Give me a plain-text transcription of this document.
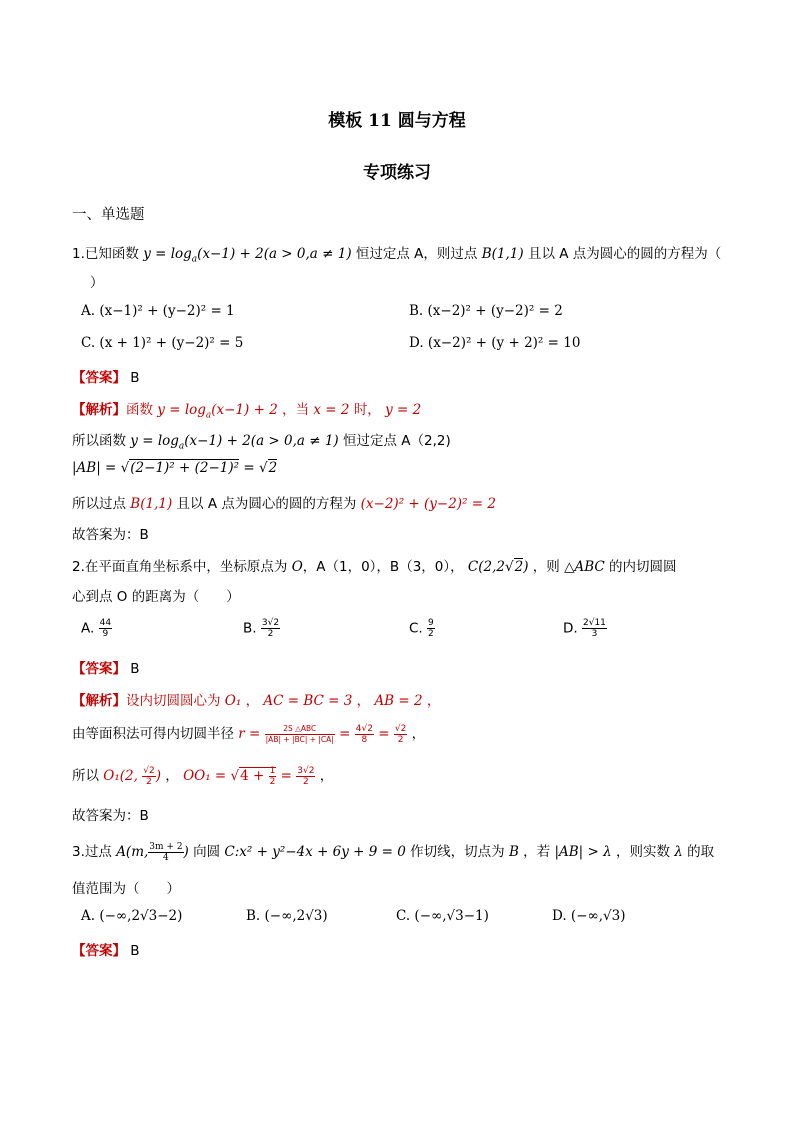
模板 11 圆与方程
专项练习
一、单选题
1.已知函数 $y = \log_a(x-1) + 2(a > 0,a \ne 1)$ 恒过定点 A，则过点 B(1,1) 且以 A 点为圆心的圆的方程为（
）
A. (x−1)² + (y−2)² = 1	B. (x−2)² + (y−2)² = 2
C. (x + 1)² + (y−2)² = 5	D. (x−2)² + (y + 2)² = 10
【答案】 B
【解析】函数 $y = \log_a(x-1) + 2$ ，当 x = 2 时， y = 2
所以函数 $y = \log_a(x-1) + 2(a > 0,a \ne 1)$ 恒过定点 A（2,2)
|AB| = √(2−1)² + (2−1)² = √2
所以过点 B(1,1) 且以 A 点为圆心的圆的方程为 (x−2)² + (y−2)² = 2
故答案为：B
2.在平面直角坐标系中，坐标原点为 O，A（1，0），B（3，0）， C(2,2√2) ，则 △ABC 的内切圆圆
心到点 O 的距离为（　　）
A. $\frac{44}{9}$	B. $\frac{3√2}{2}$	C. $\frac{9}{2}$	D. $\frac{2√11}{3}$
【答案】 B
【解析】设内切圆圆心为 O₁ ， AC = BC = 3 ， AB = 2 ，
由等面积法可得内切圆半径 $r = \frac{\text{2S △ABC}}{|AB| + |BC| + |CA|} = \frac{4√2}{8} = \frac{√2}{2}$ ，
所以 O₁(2, $\frac{√2}{2}$ ) ， $OO_1 = √4 + \frac{1}{2} = \frac{3√2}{2}$ ，
故答案为：B
3.过点 A(m, $\frac{3m + 2}{4}$ ) 向圆 C:x² + y²−4x + 6y + 9 = 0 作切线，切点为 B ，若 |AB| > λ ，则实数 λ 的取
值范围为（　　）
A. (−∞,2√3−2)	B. (−∞,2√3)	C. (−∞,√3−1)	D. (−∞,√3)
【答案】 B
